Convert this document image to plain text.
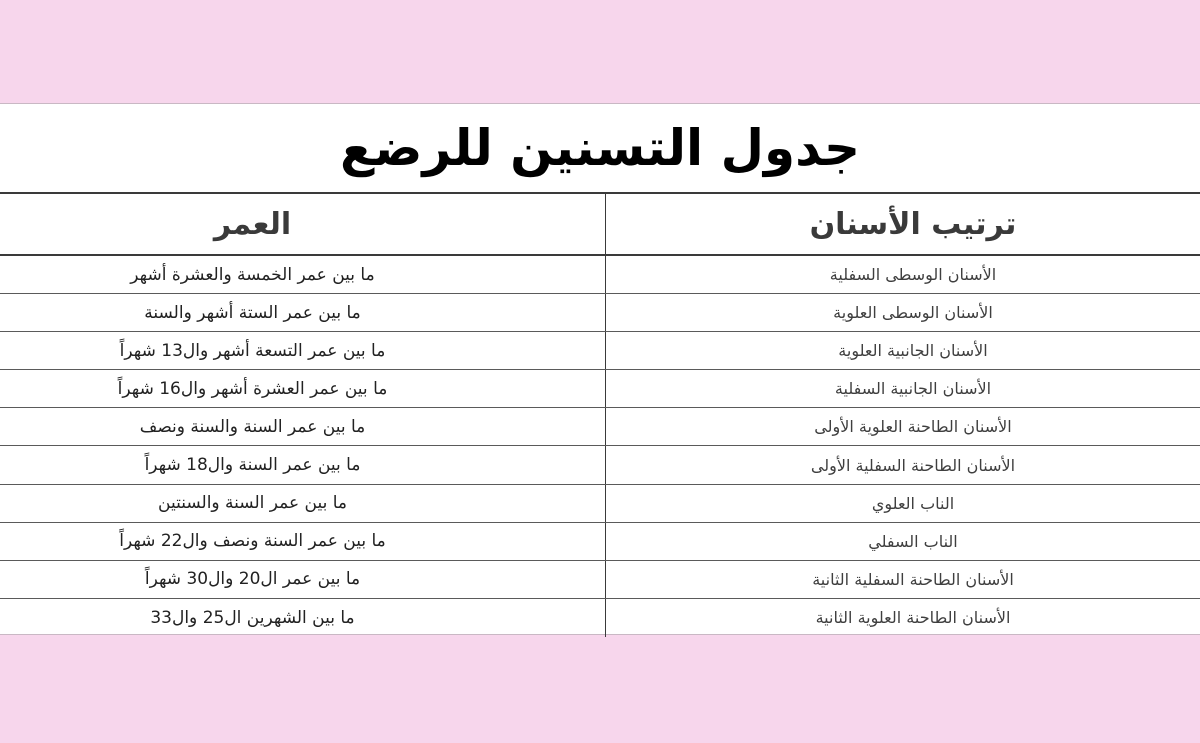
جدول التسنين للرضع
ترتيب الأسنان
العمر
الأسنان الوسطى السفلية
ما بين عمر الخمسة والعشرة أشهر
الأسنان الوسطى العلوية
ما بين عمر الستة أشهر والسنة
الأسنان الجانبية العلوية
ما بين عمر التسعة أشهر وال13 شهراً
الأسنان الجانبية السفلية
ما بين عمر العشرة أشهر وال16 شهراً
الأسنان الطاحنة العلوية الأولى
ما بين عمر السنة والسنة ونصف
الأسنان الطاحنة السفلية الأولى
ما بين عمر السنة وال18 شهراً
الناب العلوي
ما بين عمر السنة والسنتين
الناب السفلي
ما بين عمر السنة ونصف وال22 شهراً
الأسنان الطاحنة السفلية الثانية
ما بين عمر ال20 وال30 شهراً
الأسنان الطاحنة العلوية الثانية
ما بين الشهرين ال25 وال33
